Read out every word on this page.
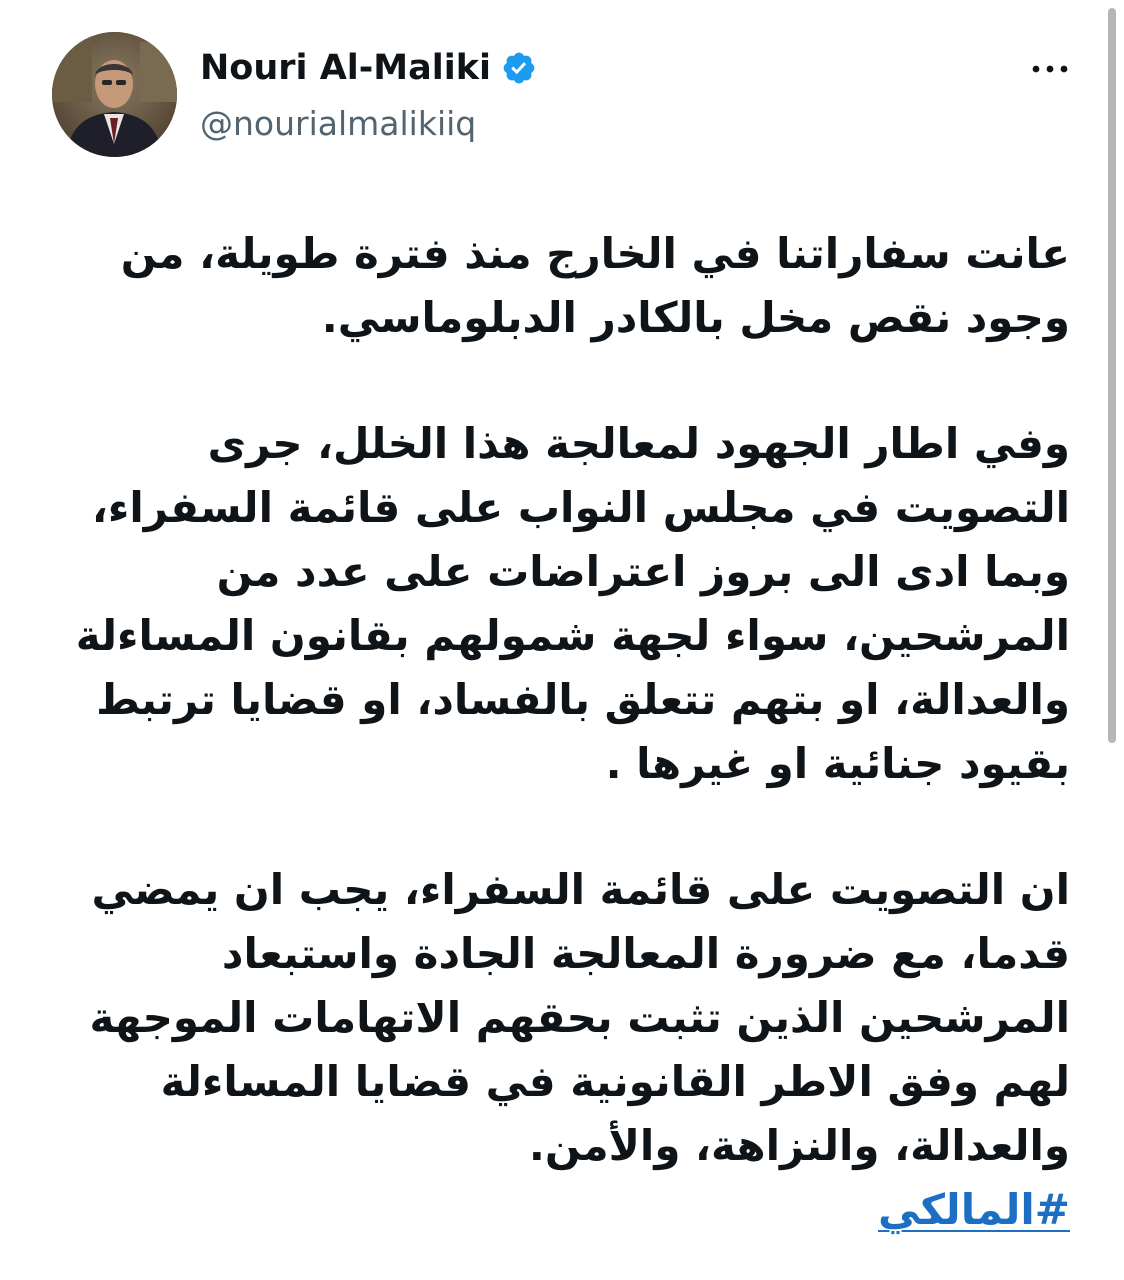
Nouri Al-Maliki
@nourialmalikiiq
عانت سفاراتنا في الخارج منذ فترة طويلة، من
وجود نقص مخل بالكادر الدبلوماسي.
وفي اطار الجهود لمعالجة هذا الخلل، جرى
التصويت في مجلس النواب على قائمة السفراء،
وبما ادى الى بروز اعتراضات على عدد من
المرشحين، سواء لجهة شمولهم بقانون المساءلة
والعدالة، او بتهم تتعلق بالفساد، او قضايا ترتبط
بقيود جنائية او غيرها .
ان التصويت على قائمة السفراء، يجب ان يمضي
قدما، مع ضرورة المعالجة الجادة واستبعاد
المرشحين الذين تثبت بحقهم الاتهامات الموجهة
لهم وفق الاطر القانونية في قضايا المساءلة
والعدالة، والنزاهة، والأمن.
#المالكي
